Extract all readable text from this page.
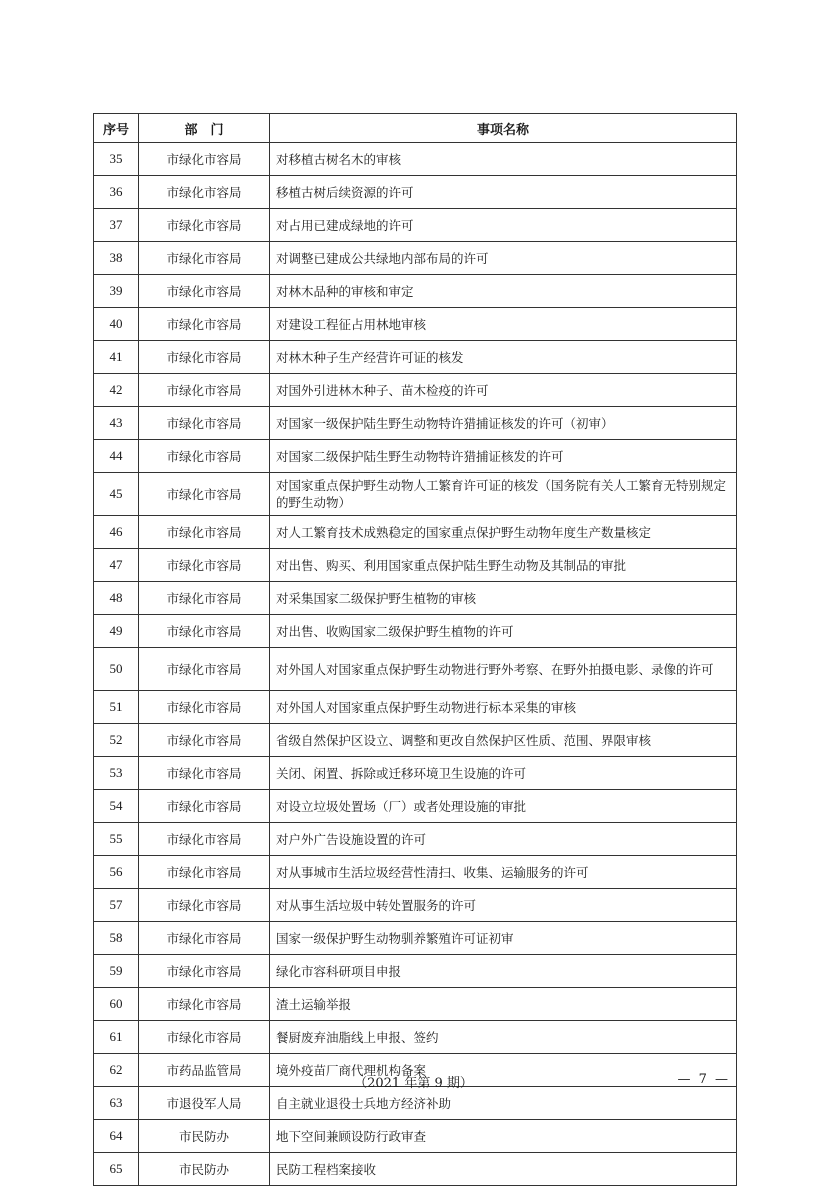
序号	部　门	事项名称
35	市绿化市容局	对移植古树名木的审核
36	市绿化市容局	移植古树后续资源的许可
37	市绿化市容局	对占用已建成绿地的许可
38	市绿化市容局	对调整已建成公共绿地内部布局的许可
39	市绿化市容局	对林木品种的审核和审定
40	市绿化市容局	对建设工程征占用林地审核
41	市绿化市容局	对林木种子生产经营许可证的核发
42	市绿化市容局	对国外引进林木种子、苗木检疫的许可
43	市绿化市容局	对国家一级保护陆生野生动物特许猎捕证核发的许可（初审）
44	市绿化市容局	对国家二级保护陆生野生动物特许猎捕证核发的许可
45	市绿化市容局	对国家重点保护野生动物人工繁育许可证的核发（国务院有关人工繁育无特别规定的野生动物）
46	市绿化市容局	对人工繁育技术成熟稳定的国家重点保护野生动物年度生产数量核定
47	市绿化市容局	对出售、购买、利用国家重点保护陆生野生动物及其制品的审批
48	市绿化市容局	对采集国家二级保护野生植物的审核
49	市绿化市容局	对出售、收购国家二级保护野生植物的许可
50	市绿化市容局	对外国人对国家重点保护野生动物进行野外考察、在野外拍摄电影、录像的许可
51	市绿化市容局	对外国人对国家重点保护野生动物进行标本采集的审核
52	市绿化市容局	省级自然保护区设立、调整和更改自然保护区性质、范围、界限审核
53	市绿化市容局	关闭、闲置、拆除或迁移环境卫生设施的许可
54	市绿化市容局	对设立垃圾处置场（厂）或者处理设施的审批
55	市绿化市容局	对户外广告设施设置的许可
56	市绿化市容局	对从事城市生活垃圾经营性清扫、收集、运输服务的许可
57	市绿化市容局	对从事生活垃圾中转处置服务的许可
58	市绿化市容局	国家一级保护野生动物驯养繁殖许可证初审
59	市绿化市容局	绿化市容科研项目申报
60	市绿化市容局	渣土运输举报
61	市绿化市容局	餐厨废弃油脂线上申报、签约
62	市药品监管局	境外疫苗厂商代理机构备案
63	市退役军人局	自主就业退役士兵地方经济补助
64	市民防办	地下空间兼顾设防行政审查
65	市民防办	民防工程档案接收
（2021 年第 9 期）	— 7 —
